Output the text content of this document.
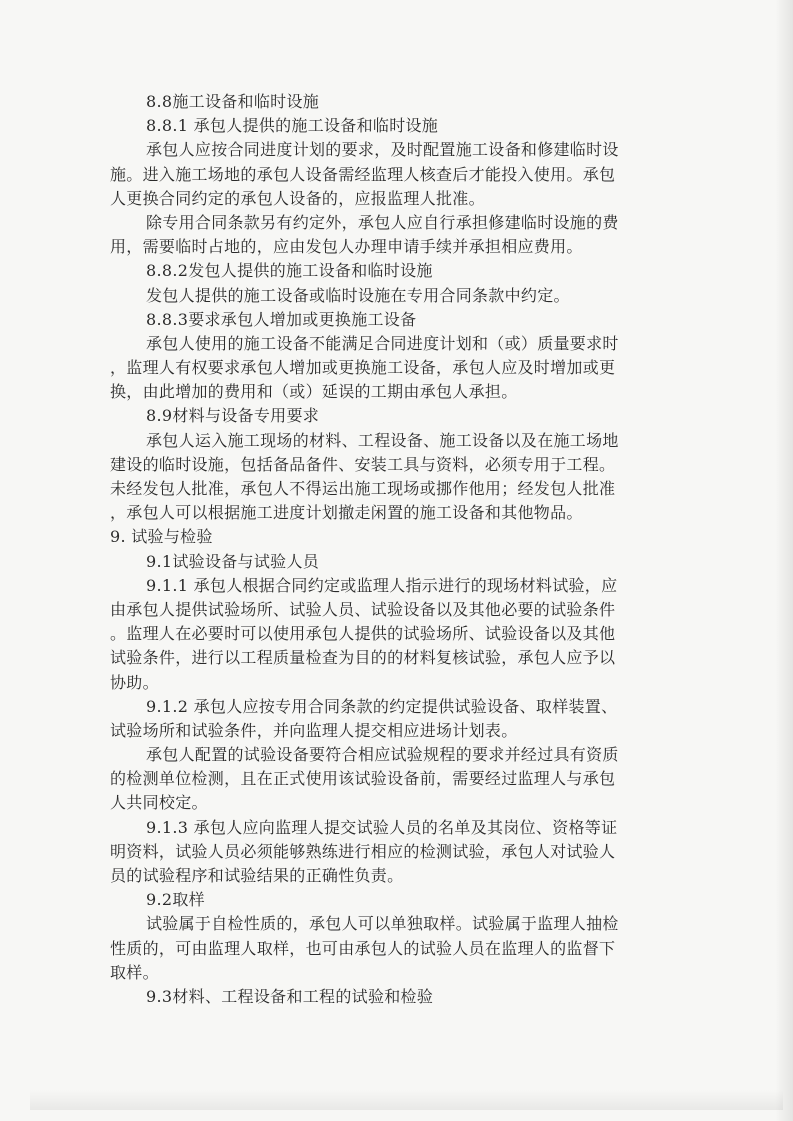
8.8施工设备和临时设施
8.8.1 承包人提供的施工设备和临时设施
承包人应按合同进度计划的要求，及时配置施工设备和修建临时设
施。进入施工场地的承包人设备需经监理人核查后才能投入使用。承包
人更换合同约定的承包人设备的，应报监理人批准。
除专用合同条款另有约定外，承包人应自行承担修建临时设施的费
用，需要临时占地的，应由发包人办理申请手续并承担相应费用。
8.8.2发包人提供的施工设备和临时设施
发包人提供的施工设备或临时设施在专用合同条款中约定。
8.8.3要求承包人增加或更换施工设备
承包人使用的施工设备不能满足合同进度计划和（或）质量要求时
，监理人有权要求承包人增加或更换施工设备，承包人应及时增加或更
换，由此增加的费用和（或）延误的工期由承包人承担。
8.9材料与设备专用要求
承包人运入施工现场的材料、工程设备、施工设备以及在施工场地
建设的临时设施，包括备品备件、安装工具与资料，必须专用于工程。
未经发包人批准，承包人不得运出施工现场或挪作他用；经发包人批准
，承包人可以根据施工进度计划撤走闲置的施工设备和其他物品。
9. 试验与检验
9.1试验设备与试验人员
9.1.1 承包人根据合同约定或监理人指示进行的现场材料试验，应
由承包人提供试验场所、试验人员、试验设备以及其他必要的试验条件
。监理人在必要时可以使用承包人提供的试验场所、试验设备以及其他
试验条件，进行以工程质量检查为目的的材料复核试验，承包人应予以
协助。
9.1.2 承包人应按专用合同条款的约定提供试验设备、取样装置、
试验场所和试验条件，并向监理人提交相应进场计划表。
承包人配置的试验设备要符合相应试验规程的要求并经过具有资质
的检测单位检测，且在正式使用该试验设备前，需要经过监理人与承包
人共同校定。
9.1.3 承包人应向监理人提交试验人员的名单及其岗位、资格等证
明资料，试验人员必须能够熟练进行相应的检测试验，承包人对试验人
员的试验程序和试验结果的正确性负责。
9.2取样
试验属于自检性质的，承包人可以单独取样。试验属于监理人抽检
性质的，可由监理人取样，也可由承包人的试验人员在监理人的监督下
取样。
9.3材料、工程设备和工程的试验和检验
